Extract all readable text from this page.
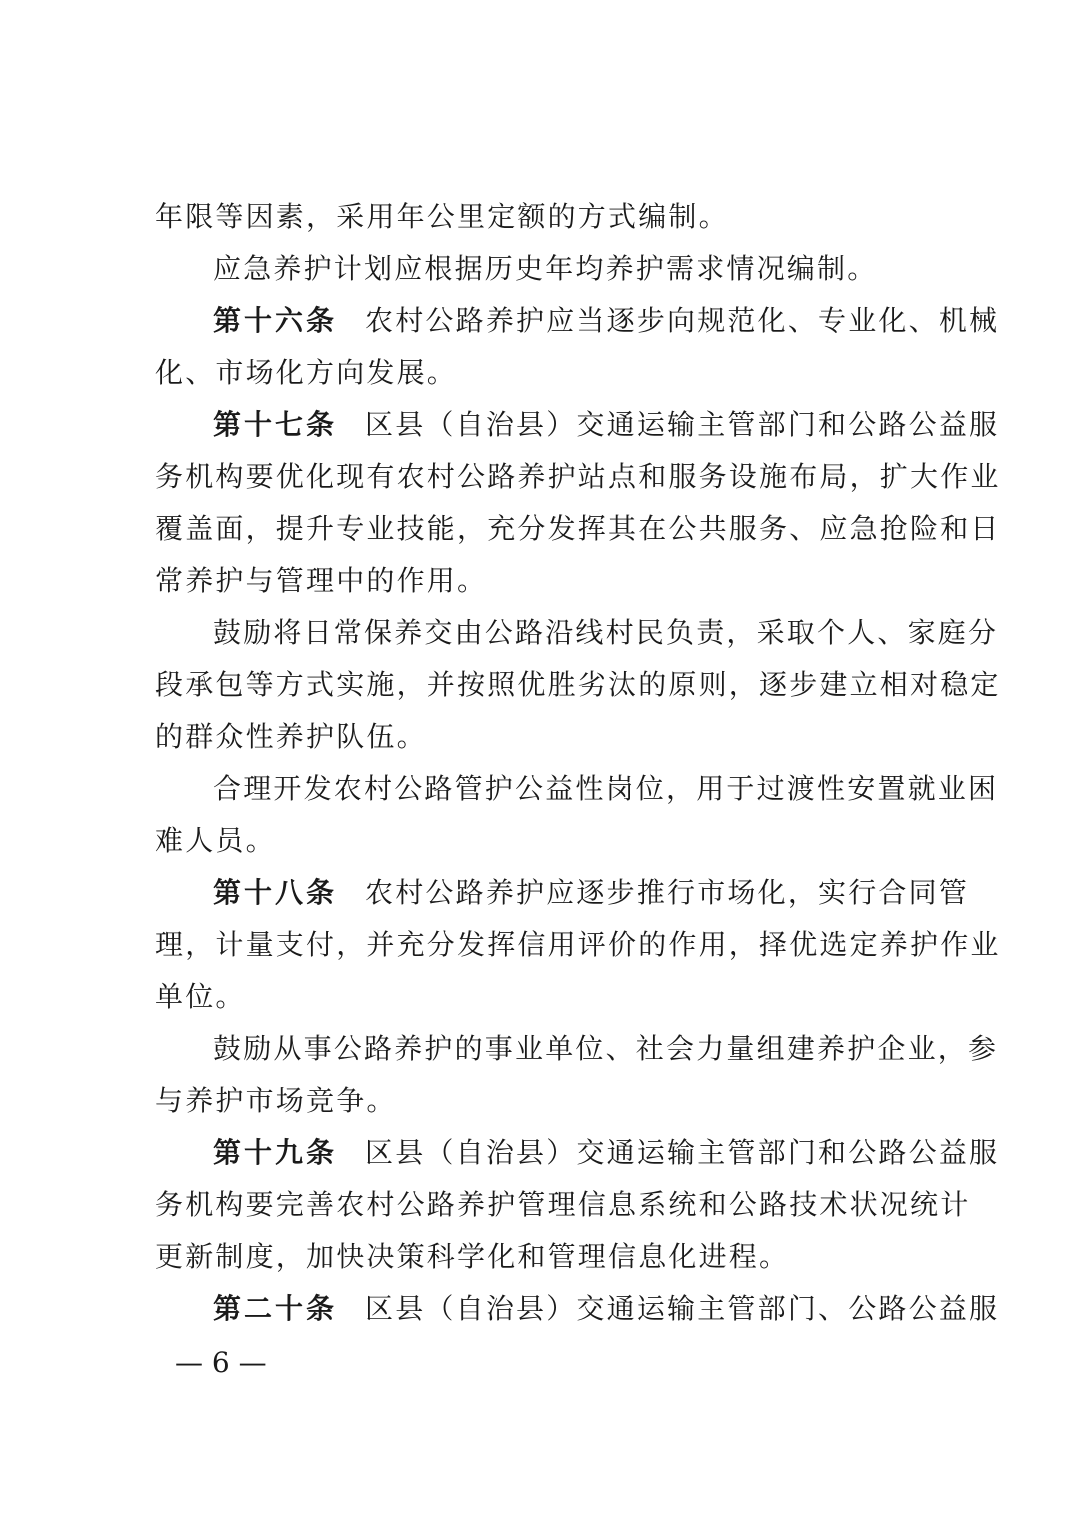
年限等因素，采用年公里定额的方式编制。
应急养护计划应根据历史年均养护需求情况编制。
第十六条 农村公路养护应当逐步向规范化、专业化、机械
化、市场化方向发展。
第十七条 区县（自治县）交通运输主管部门和公路公益服
务机构要优化现有农村公路养护站点和服务设施布局，扩大作业
覆盖面，提升专业技能，充分发挥其在公共服务、应急抢险和日
常养护与管理中的作用。
鼓励将日常保养交由公路沿线村民负责，采取个人、家庭分
段承包等方式实施，并按照优胜劣汰的原则，逐步建立相对稳定
的群众性养护队伍。
合理开发农村公路管护公益性岗位，用于过渡性安置就业困
难人员。
第十八条 农村公路养护应逐步推行市场化，实行合同管
理，计量支付，并充分发挥信用评价的作用，择优选定养护作业
单位。
鼓励从事公路养护的事业单位、社会力量组建养护企业，参
与养护市场竞争。
第十九条 区县（自治县）交通运输主管部门和公路公益服
务机构要完善农村公路养护管理信息系统和公路技术状况统计
更新制度，加快决策科学化和管理信息化进程。
第二十条 区县（自治县）交通运输主管部门、公路公益服
— 6 —
